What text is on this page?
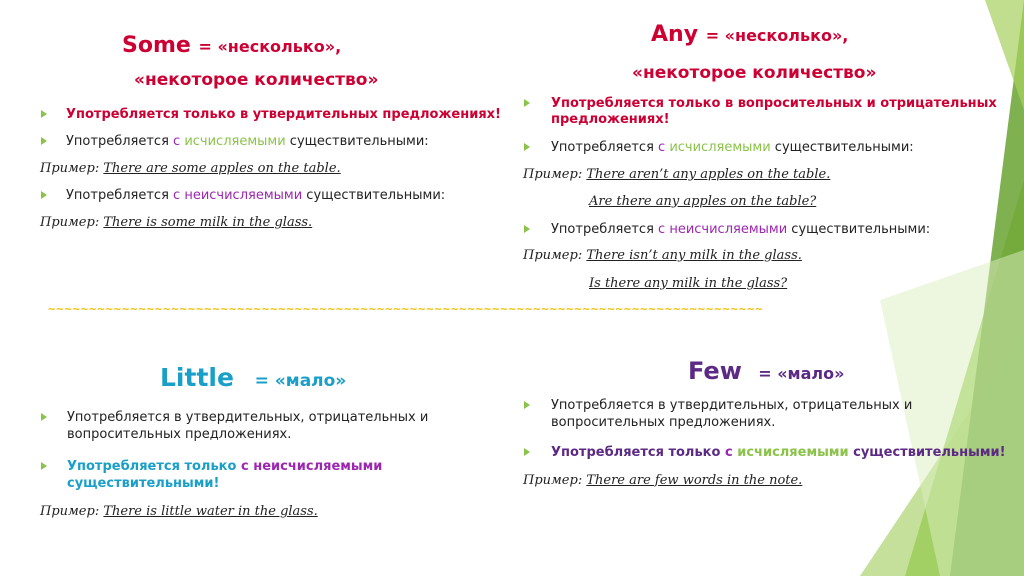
Some = «несколько»,
«некоторое количество»
Употребляется только в утвердительных предложениях!
Употребляется с исчисляемыми существительными:
Пример: There are some apples on the table.
Употребляется с неисчисляемыми существительными:
Пример: There is some milk in the glass.
Any = «несколько»,
«некоторое количество»
Употребляется только в вопросительных и отрицательных
предложениях!
Употребляется с исчисляемыми существительными:
Пример: There aren’t any apples on the table.
Are there any apples on the table?
Употребляется с неисчисляемыми существительными:
Пример: There isn’t any milk in the glass.
Is there any milk in the glass?
~~~~~~~~~~~~~~~~~~~~~~~~~~~~~~~~~~~~~~~~~~~~~~~~~~~~~~~~~~~~~~~~~~~~~~~~~~~~~~~~~~~~~~~
Little = «мало»
Употребляется в утвердительных, отрицательных и
вопросительных предложениях.
Употребляется только с неисчисляемыми
существительными!
Пример: There is little water in the glass.
Few = «мало»
Употребляется в утвердительных, отрицательных и
вопросительных предложениях.
Употребляется только с исчисляемыми существительными!
Пример: There are few words in the note.
